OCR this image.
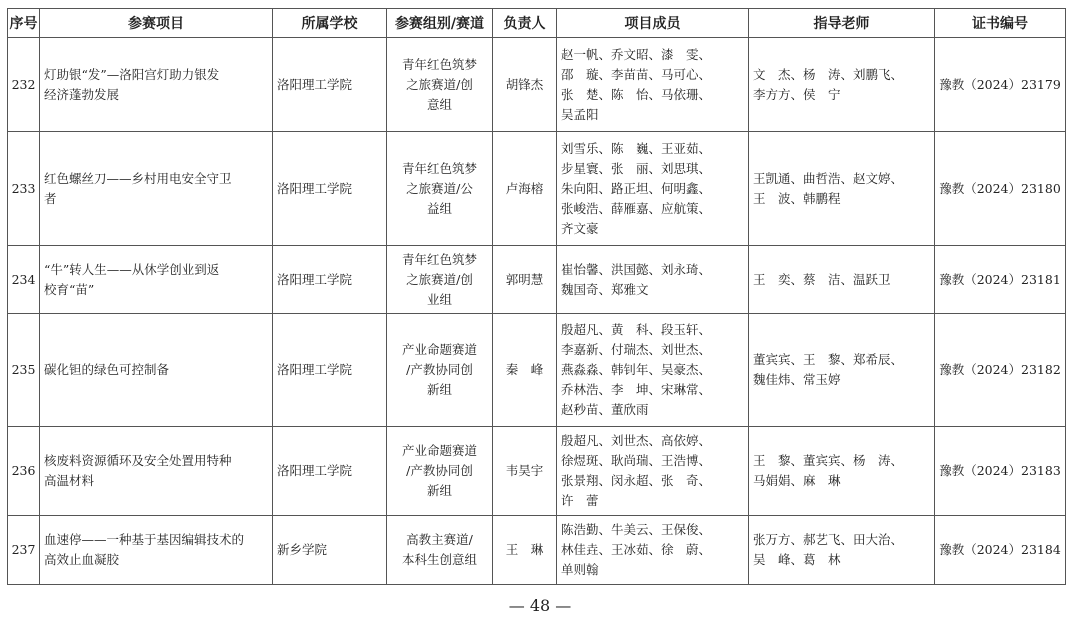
序号	参赛项目	所属学校	参赛组别/赛道	负责人	项目成员	指导老师	证书编号
232	灯助银“发”—洛阳宫灯助力银发
经济蓬勃发展	洛阳理工学院	青年红色筑梦
之旅赛道/创
意组	胡锋杰	赵一帆、乔文昭、漆　雯、
邵　璇、李苗苗、马可心、
张　楚、陈　怡、马依珊、
吴孟阳	文　杰、杨　涛、刘鹏飞、
李方方、侯　宁	豫教（2024）23179
233	红色螺丝刀——乡村用电安全守卫
者	洛阳理工学院	青年红色筑梦
之旅赛道/公
益组	卢海榕	刘雪乐、陈　巍、王亚茹、
步星寰、张　丽、刘思琪、
朱向阳、路正坦、何明鑫、
张峻浩、薛雁嘉、应航策、
齐文豪	王凯通、曲哲浩、赵文婷、
王　波、韩鹏程	豫教（2024）23180
234	“牛”转人生——从休学创业到返
校育“苗”	洛阳理工学院	青年红色筑梦
之旅赛道/创
业组	郭明慧	崔怡馨、洪国懿、刘永琦、
魏国奇、郑雅文	王　奕、蔡　洁、温跃卫	豫教（2024）23181
235	碳化钽的绿色可控制备	洛阳理工学院	产业命题赛道
/产教协同创
新组	秦　峰	殷超凡、黄　科、段玉轩、
李嘉新、付瑞杰、刘世杰、
燕淼淼、韩钊年、吴豪杰、
乔林浩、李　坤、宋琳常、
赵秒苗、董欣雨	董宾宾、王　黎、郑希辰、
魏佳炜、常玉婷	豫教（2024）23182
236	核废料资源循环及安全处置用特种
高温材料	洛阳理工学院	产业命题赛道
/产教协同创
新组	韦昊宇	殷超凡、刘世杰、高依婷、
徐煜斑、耿尚瑞、王浩博、
张景翔、闵永超、张　奇、
许　蕾	王　黎、董宾宾、杨　涛、
马娟娟、麻　琳	豫教（2024）23183
237	血速停——一种基于基因编辑技术的
高效止血凝胶	新乡学院	高教主赛道/
本科生创意组	王　琳	陈浩勤、牛美云、王保俊、
林佳垚、王冰茹、徐　蔚、
单则翰	张万方、郝艺飞、田大治、
吴　峰、葛　林	豫教（2024）23184
— 48 —
